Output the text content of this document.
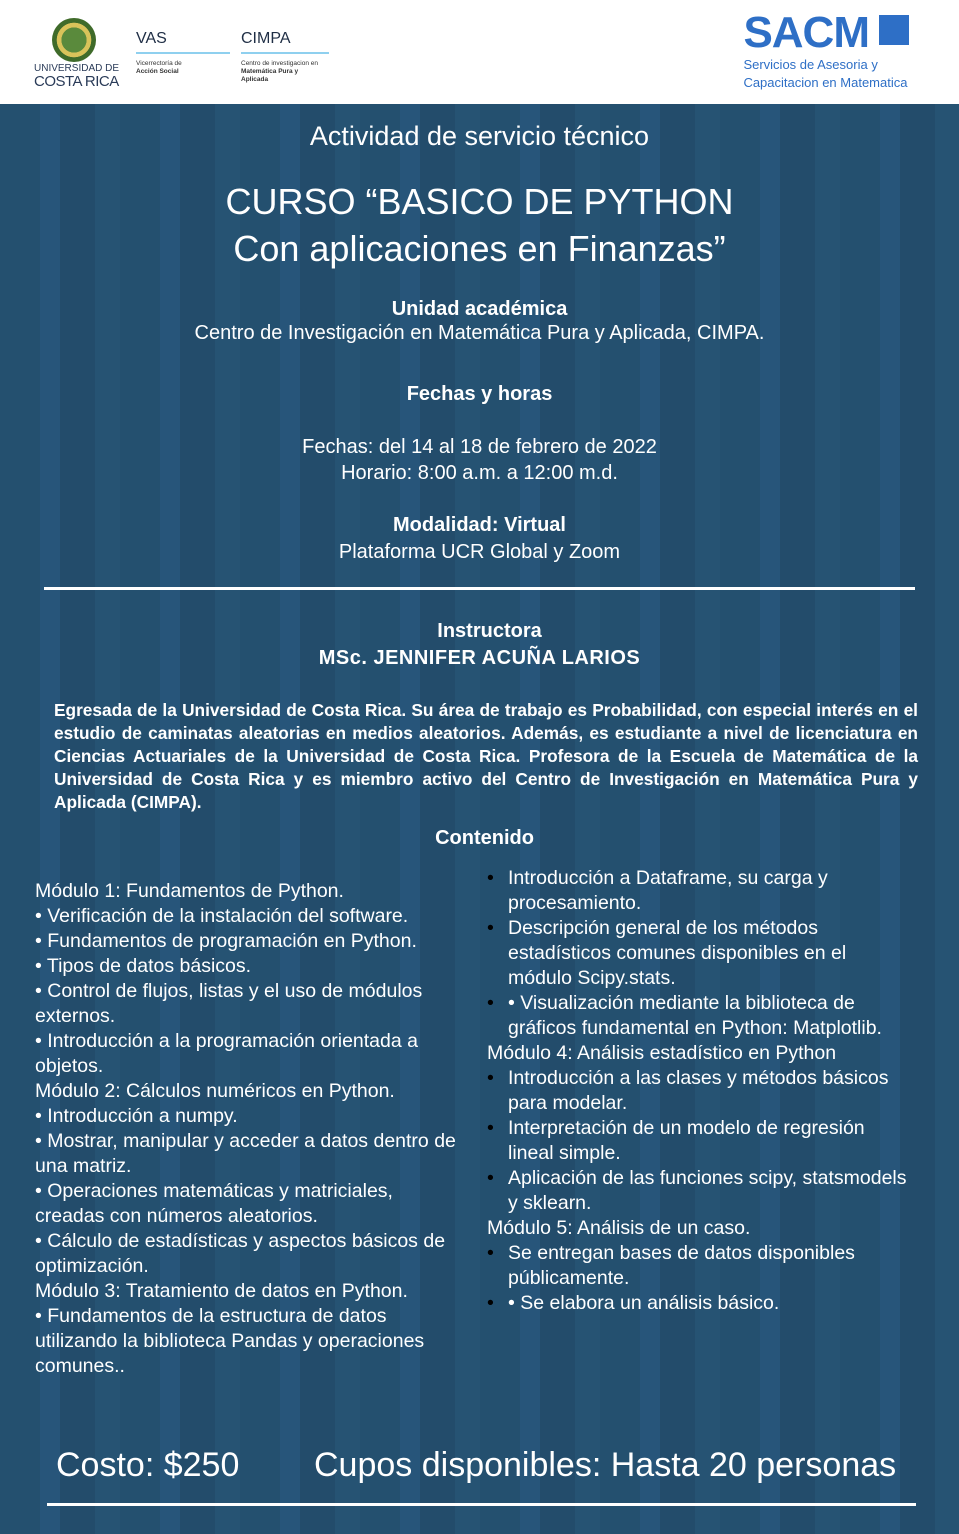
UNIVERSIDAD DE
COSTA RICA
VAS
Vicerrectoría de
Acción Social
CIMPA
Centro de investigacion en
Matemática Pura y
Aplicada
SACM
Servicios de Asesoria y
Capacitacion en Matematica
Actividad de servicio técnico
CURSO “BASICO DE PYTHON
Con aplicaciones en Finanzas”
Unidad académica
Centro de Investigación en Matemática Pura y Aplicada, CIMPA.
Fechas y horas
Fechas: del 14 al 18 de febrero de 2022
Horario: 8:00 a.m. a 12:00 m.d.
Modalidad: Virtual
Plataforma UCR Global y Zoom
Instructora
MSc. JENNIFER ACUÑA LARIOS
Egresada de la Universidad de Costa Rica. Su área de trabajo es Probabilidad, con especial interés en el estudio de caminatas aleatorias en medios aleatorios. Además, es estudiante a nivel de licenciatura en Ciencias Actuariales de la Universidad de Costa Rica. Profesora de la Escuela de Matemática de la Universidad de Costa Rica y es miembro activo del Centro de Investigación en Matemática Pura y Aplicada (CIMPA).
Contenido
Módulo 1: Fundamentos de Python.
• Verificación de la instalación del software.
• Fundamentos de programación en Python.
• Tipos de datos básicos.
• Control de flujos, listas y el uso de módulos externos.
• Introducción a la programación orientada a objetos.
Módulo 2: Cálculos numéricos en Python.
• Introducción a numpy.
• Mostrar, manipular y acceder a datos dentro de una matriz.
• Operaciones matemáticas y matriciales, creadas con números aleatorios.
• Cálculo de estadísticas y aspectos básicos de optimización.
Módulo 3: Tratamiento de datos en Python.
• Fundamentos de la estructura de datos utilizando la biblioteca Pandas y operaciones comunes..
• Introducción a Dataframe, su carga y procesamiento.
• Descripción general de los métodos estadísticos comunes disponibles en el módulo Scipy.stats.
• • Visualización mediante la biblioteca de gráficos fundamental en Python: Matplotlib.
Módulo 4: Análisis estadístico en Python
• Introducción a las clases y métodos básicos para modelar.
• Interpretación de un modelo de regresión lineal simple.
• Aplicación de las funciones scipy, statsmodels y sklearn.
Módulo 5: Análisis de un caso.
• Se entregan bases de datos disponibles públicamente.
• • Se elabora un análisis básico.
Costo: $250 Cupos disponibles: Hasta 20 personas
